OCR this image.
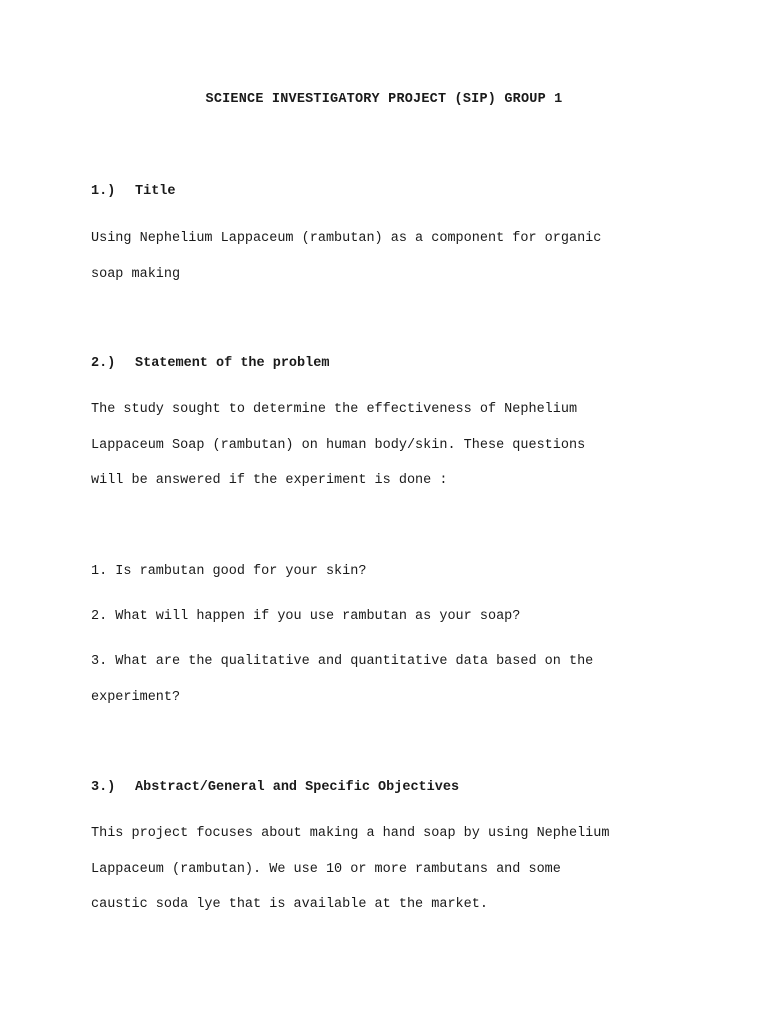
SCIENCE INVESTIGATORY PROJECT (SIP) GROUP 1
1.) Title
Using Nephelium Lappaceum (rambutan) as a component for organic
soap making
2.) Statement of the problem
The study sought to determine the effectiveness of Nephelium
Lappaceum Soap (rambutan) on human body/skin. These questions
will be answered if the experiment is done :
1. Is rambutan good for your skin?
2. What will happen if you use rambutan as your soap?
3. What are the qualitative and quantitative data based on the
experiment?
3.) Abstract/General and Specific Objectives
This project focuses about making a hand soap by using Nephelium
Lappaceum (rambutan). We use 10 or more rambutans and some
caustic soda lye that is available at the market.
